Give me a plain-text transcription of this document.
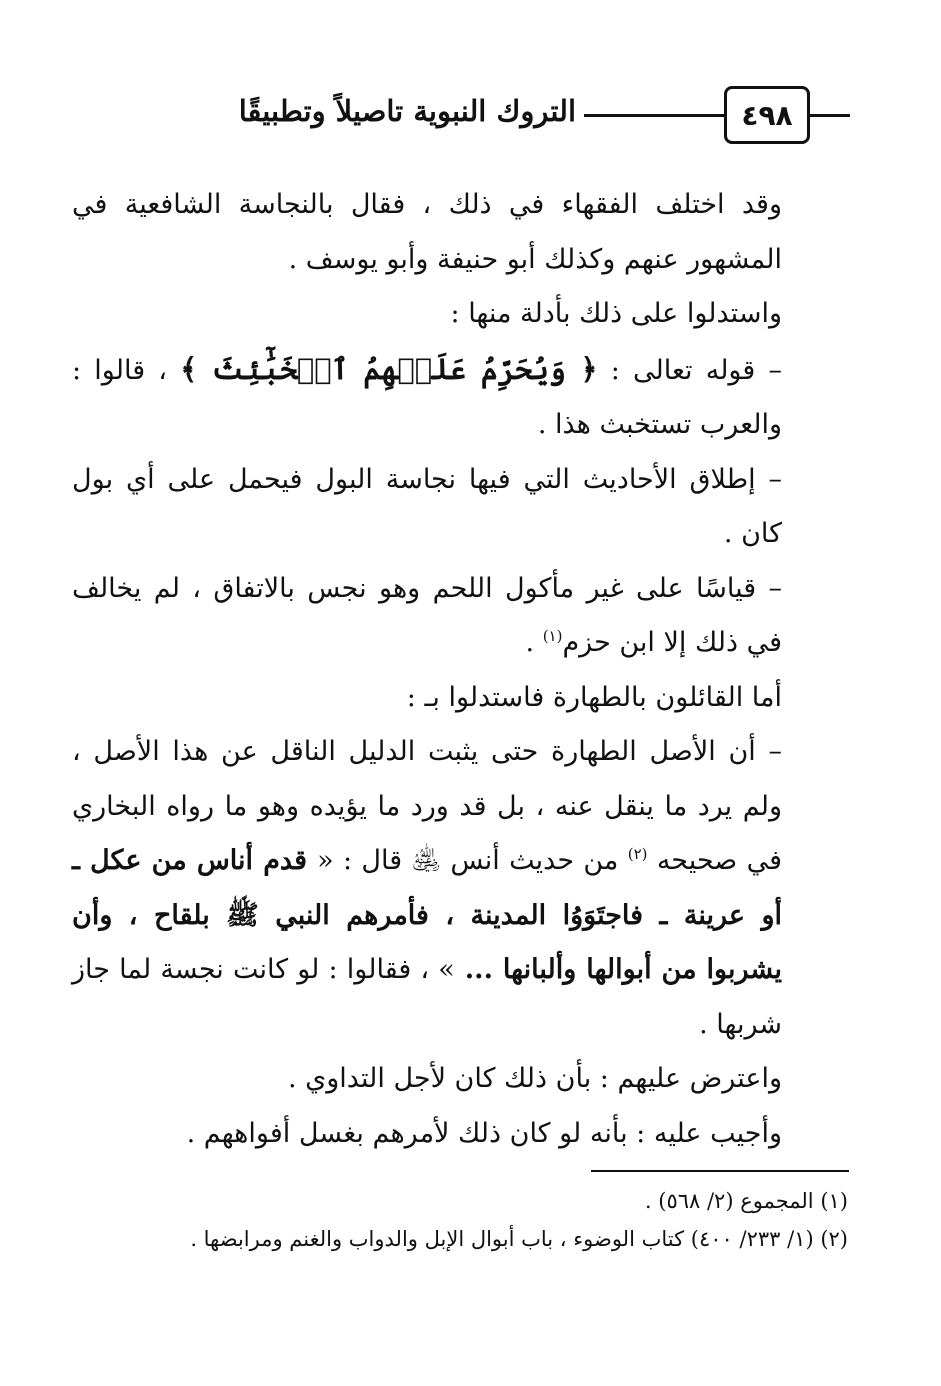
٤٩٨
التروك النبوية تاصيلاً وتطبيقًا

وقد اختلف الفقهاء في ذلك ، فقال بالنجاسة الشافعية في المشهور عنهم وكذلك أبو حنيفة وأبو يوسف .

واستدلوا على ذلك بأدلة منها :

– قوله تعالى : ﴿ وَيُحَرِّمُ عَلَيۡهِمُ ٱلۡخَبَٰٓئِثَ ﴾ ، قالوا : والعرب تستخبث هذا .

– إطلاق الأحاديث التي فيها نجاسة البول فيحمل على أي بول كان .

– قياسًا على غير مأكول اللحم وهو نجس بالاتفاق ، لم يخالف في ذلك إلا ابن حزم$^{(١)}$ .

أما القائلون بالطهارة فاستدلوا بـ :

– أن الأصل الطهارة حتى يثبت الدليل الناقل عن هذا الأصل ، ولم يرد ما ينقل عنه ، بل قد ورد ما يؤيده وهو ما رواه البخاري في صحيحه $^{(٢)}$ من حديث أنس ﵁ قال : « قدم أناس من عكل ـ أو عرينة ـ فاجتَوَوُا المدينة ، فأمرهم النبي ﷺ بلقاح ، وأن يشربوا من أبوالها وألبانها ... » ، فقالوا : لو كانت نجسة لما جاز شربها .

واعترض عليهم : بأن ذلك كان لأجل التداوي .

وأجيب عليه : بأنه لو كان ذلك لأمرهم بغسل أفواههم .

(١) المجموع (٢/ ٥٦٨) .

(٢) (١/ ٢٣٣/ ٤٠٠) كتاب الوضوء ، باب أبوال الإبل والدواب والغنم ومرابضها .
